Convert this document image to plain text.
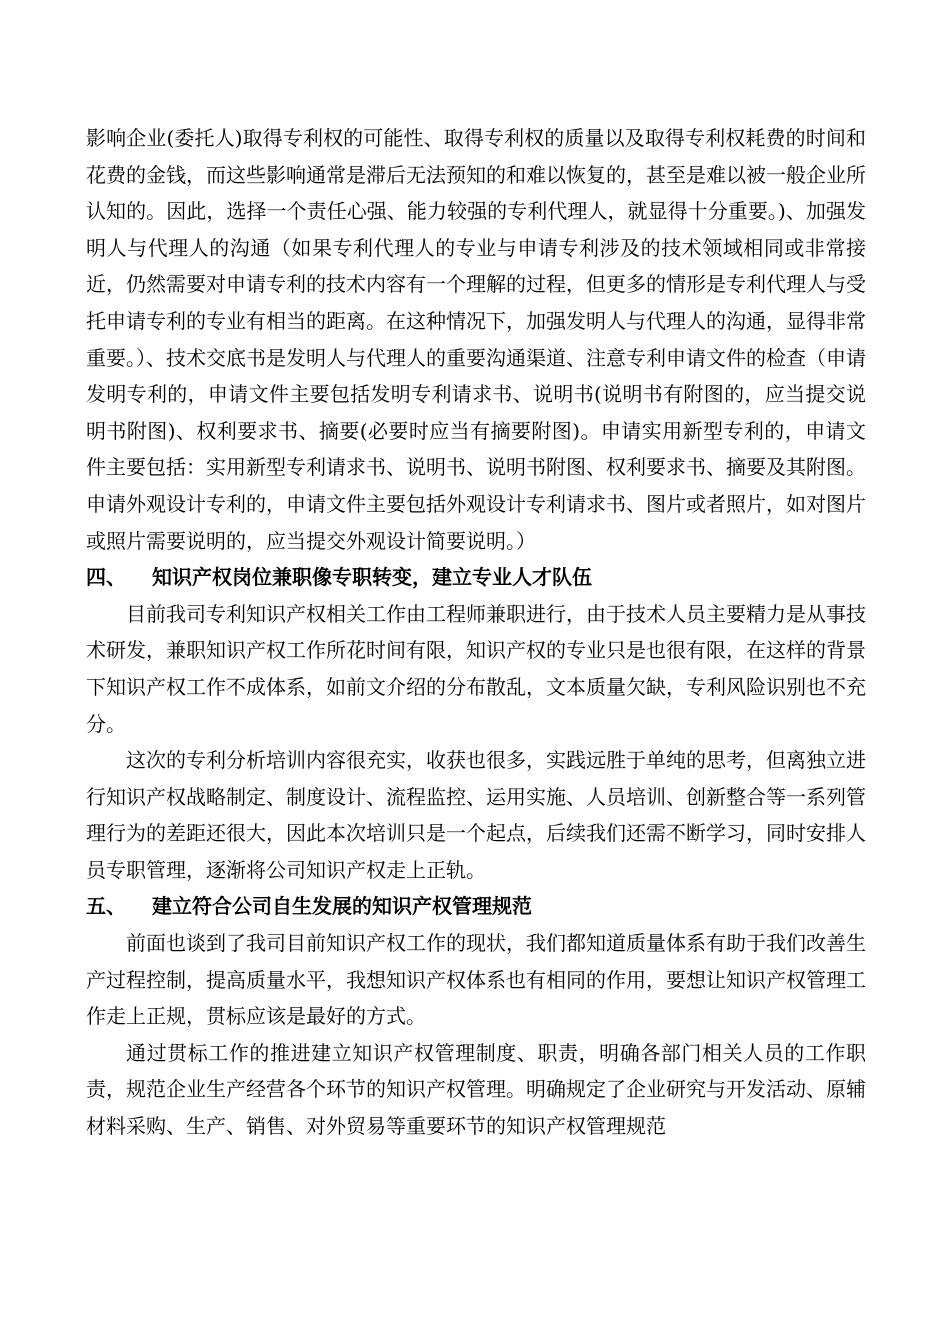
影响企业(委托人)取得专利权的可能性、取得专利权的质量以及取得专利权耗费的时间和花费的金钱，而这些影响通常是滞后无法预知的和难以恢复的，甚至是难以被一般企业所认知的。因此，选择一个责任心强、能力较强的专利代理人，就显得十分重要。)、加强发明人与代理人的沟通（如果专利代理人的专业与申请专利涉及的技术领域相同或非常接近，仍然需要对申请专利的技术内容有一个理解的过程，但更多的情形是专利代理人与受托申请专利的专业有相当的距离。在这种情况下，加强发明人与代理人的沟通，显得非常重要。）、技术交底书是发明人与代理人的重要沟通渠道、注意专利申请文件的检查（申请发明专利的，申请文件主要包括发明专利请求书、说明书(说明书有附图的，应当提交说明书附图)、权利要求书、摘要(必要时应当有摘要附图)。申请实用新型专利的，申请文件主要包括：实用新型专利请求书、说明书、说明书附图、权利要求书、摘要及其附图。申请外观设计专利的，申请文件主要包括外观设计专利请求书、图片或者照片，如对图片或照片需要说明的，应当提交外观设计简要说明。）

四、	知识产权岗位兼职像专职转变，建立专业人才队伍

目前我司专利知识产权相关工作由工程师兼职进行，由于技术人员主要精力是从事技术研发，兼职知识产权工作所花时间有限，知识产权的专业只是也很有限，在这样的背景下知识产权工作不成体系，如前文介绍的分布散乱，文本质量欠缺，专利风险识别也不充分。

这次的专利分析培训内容很充实，收获也很多，实践远胜于单纯的思考，但离独立进行知识产权战略制定、制度设计、流程监控、运用实施、人员培训、创新整合等一系列管理行为的差距还很大，因此本次培训只是一个起点，后续我们还需不断学习，同时安排人员专职管理，逐渐将公司知识产权走上正轨。

五、	建立符合公司自生发展的知识产权管理规范

前面也谈到了我司目前知识产权工作的现状，我们都知道质量体系有助于我们改善生产过程控制，提高质量水平，我想知识产权体系也有相同的作用，要想让知识产权管理工作走上正规，贯标应该是最好的方式。

通过贯标工作的推进建立知识产权管理制度、职责，明确各部门相关人员的工作职责，规范企业生产经营各个环节的知识产权管理。明确规定了企业研究与开发活动、原辅材料采购、生产、销售、对外贸易等重要环节的知识产权管理规范
